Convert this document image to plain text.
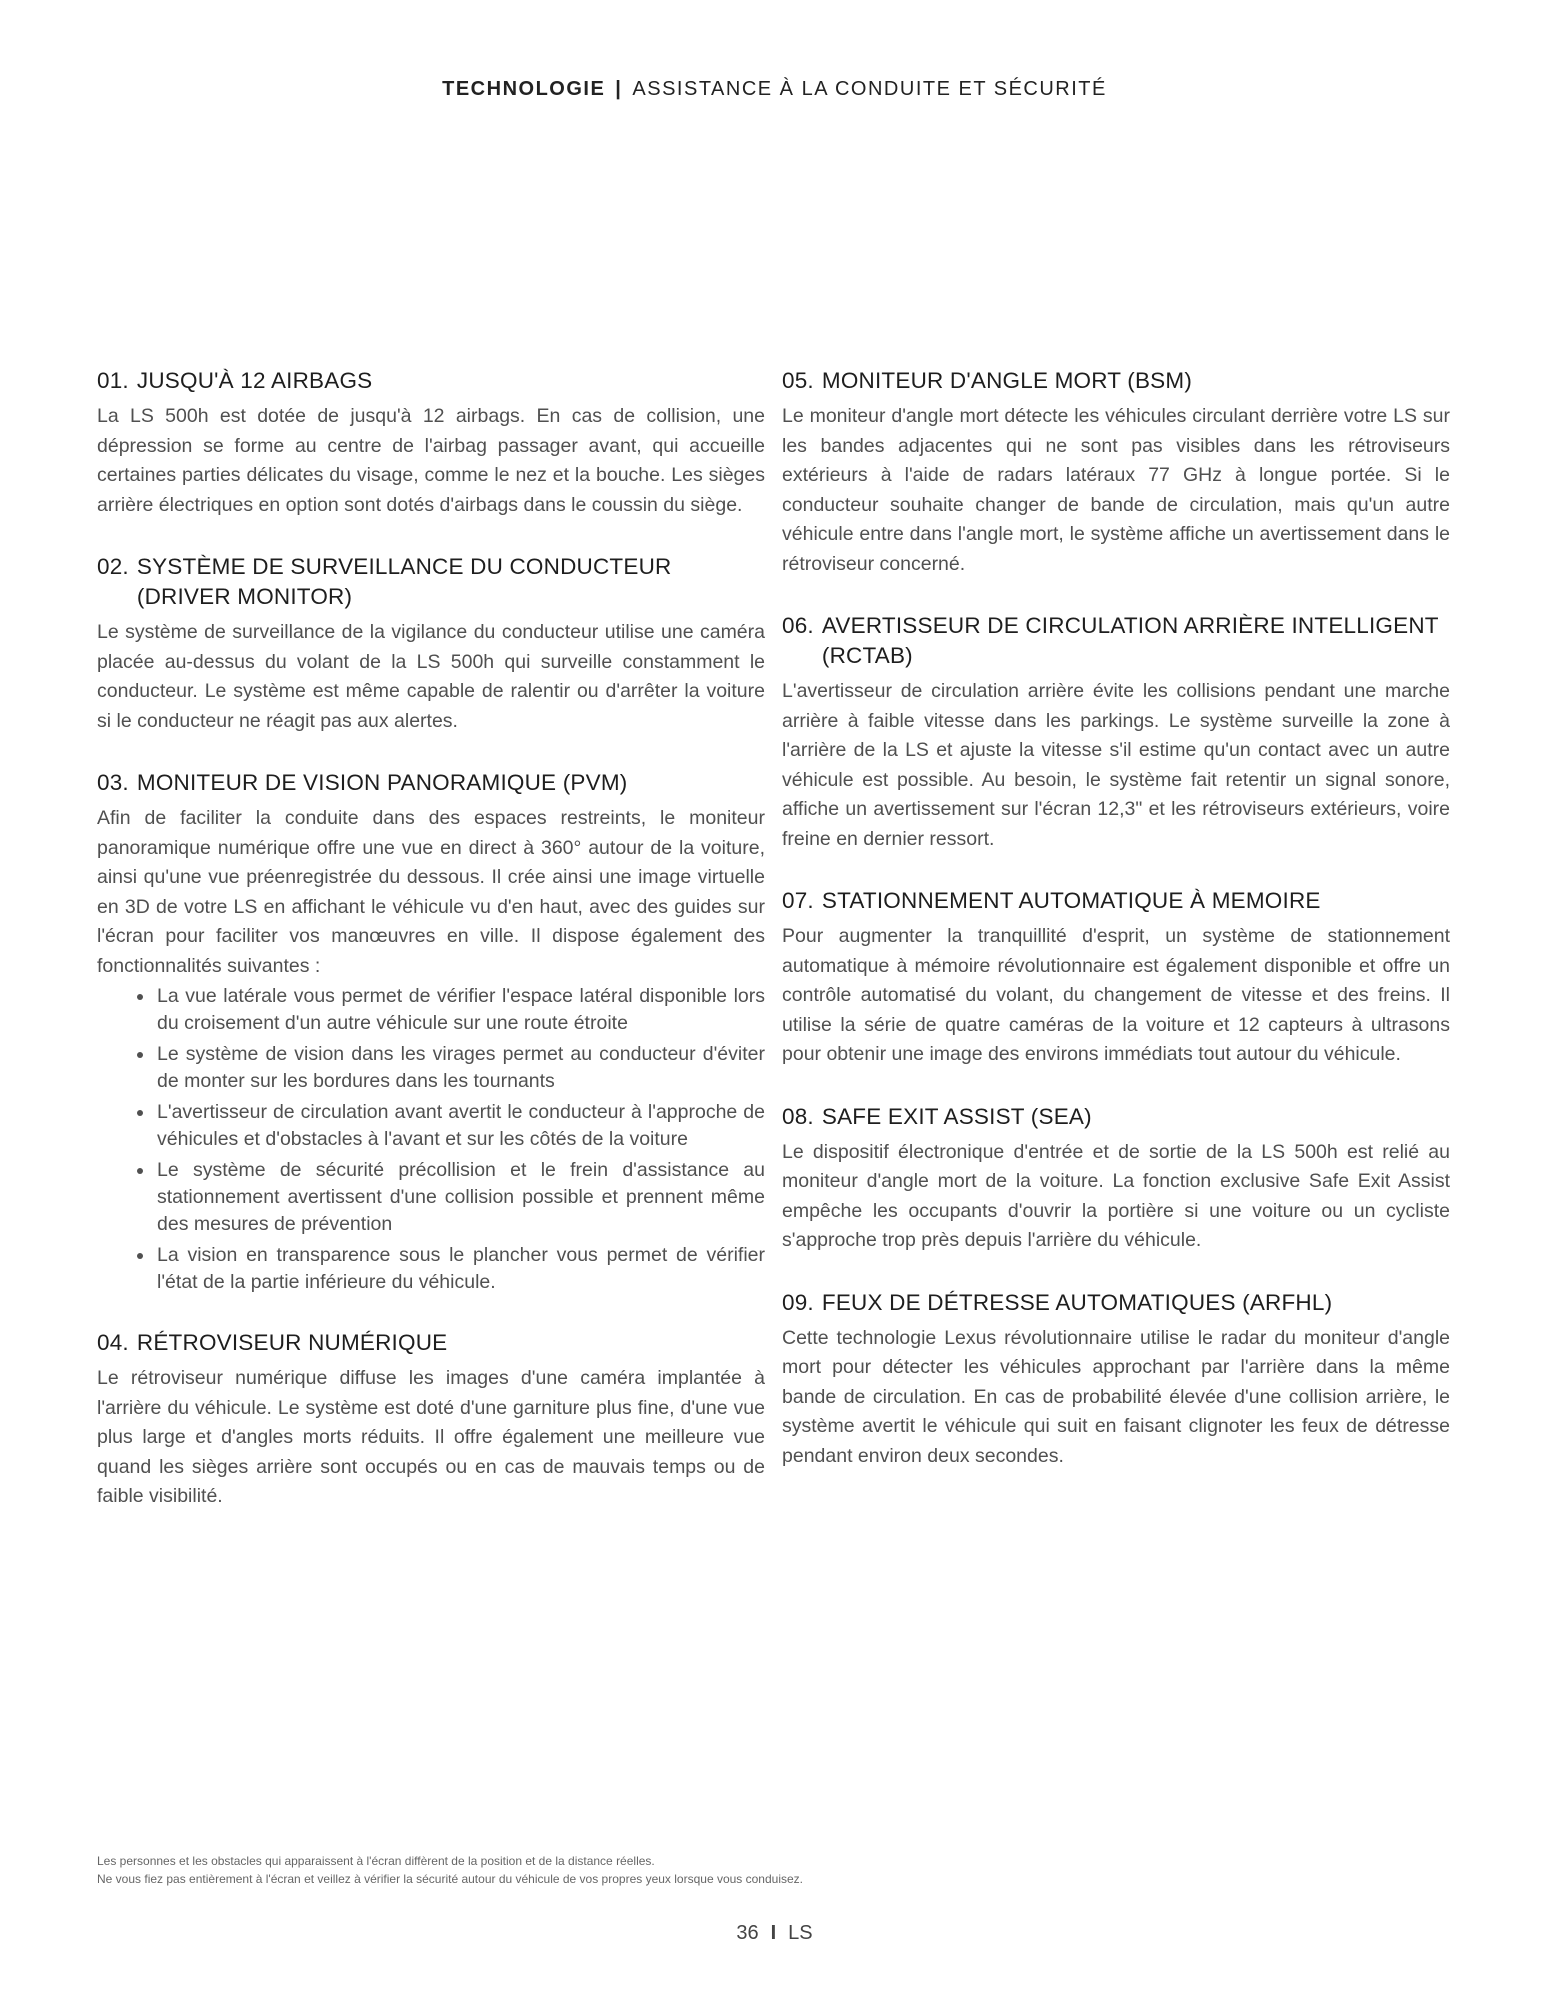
TECHNOLOGIE | ASSISTANCE À LA CONDUITE ET SÉCURITÉ
01. JUSQU'À 12 AIRBAGS

La LS 500h est dotée de jusqu'à 12 airbags. En cas de collision, une dépression se forme au centre de l'airbag passager avant, qui accueille certaines parties délicates du visage, comme le nez et la bouche. Les sièges arrière électriques en option sont dotés d'airbags dans le coussin du siège.

02. SYSTÈME DE SURVEILLANCE DU CONDUCTEUR (DRIVER MONITOR)

Le système de surveillance de la vigilance du conducteur utilise une caméra placée au-dessus du volant de la LS 500h qui surveille constamment le conducteur. Le système est même capable de ralentir ou d'arrêter la voiture si le conducteur ne réagit pas aux alertes.

03. MONITEUR DE VISION PANORAMIQUE (PVM)

Afin de faciliter la conduite dans des espaces restreints, le moniteur panoramique numérique offre une vue en direct à 360° autour de la voiture, ainsi qu'une vue préenregistrée du dessous. Il crée ainsi une image virtuelle en 3D de votre LS en affichant le véhicule vu d'en haut, avec des guides sur l'écran pour faciliter vos manœuvres en ville. Il dispose également des fonctionnalités suivantes :

La vue latérale vous permet de vérifier l'espace latéral disponible lors du croisement d'un autre véhicule sur une route étroite
Le système de vision dans les virages permet au conducteur d'éviter de monter sur les bordures dans les tournants
L'avertisseur de circulation avant avertit le conducteur à l'approche de véhicules et d'obstacles à l'avant et sur les côtés de la voiture
Le système de sécurité précollision et le frein d'assistance au stationnement avertissent d'une collision possible et prennent même des mesures de prévention
La vision en transparence sous le plancher vous permet de vérifier l'état de la partie inférieure du véhicule.
04. RÉTROVISEUR NUMÉRIQUE

Le rétroviseur numérique diffuse les images d'une caméra implantée à l'arrière du véhicule. Le système est doté d'une garniture plus fine, d'une vue plus large et d'angles morts réduits. Il offre également une meilleure vue quand les sièges arrière sont occupés ou en cas de mauvais temps ou de faible visibilité.

05. MONITEUR D'ANGLE MORT (BSM)

Le moniteur d'angle mort détecte les véhicules circulant derrière votre LS sur les bandes adjacentes qui ne sont pas visibles dans les rétroviseurs extérieurs à l'aide de radars latéraux 77 GHz à longue portée. Si le conducteur souhaite changer de bande de circulation, mais qu'un autre véhicule entre dans l'angle mort, le système affiche un avertissement dans le rétroviseur concerné.

06. AVERTISSEUR DE CIRCULATION ARRIÈRE INTELLIGENT (RCTAB)

L'avertisseur de circulation arrière évite les collisions pendant une marche arrière à faible vitesse dans les parkings. Le système surveille la zone à l'arrière de la LS et ajuste la vitesse s'il estime qu'un contact avec un autre véhicule est possible. Au besoin, le système fait retentir un signal sonore, affiche un avertissement sur l'écran 12,3" et les rétroviseurs extérieurs, voire freine en dernier ressort.

07. STATIONNEMENT AUTOMATIQUE À MEMOIRE

Pour augmenter la tranquillité d'esprit, un système de stationnement automatique à mémoire révolutionnaire est également disponible et offre un contrôle automatisé du volant, du changement de vitesse et des freins. Il utilise la série de quatre caméras de la voiture et 12 capteurs à ultrasons pour obtenir une image des environs immédiats tout autour du véhicule.

08. SAFE EXIT ASSIST (SEA)

Le dispositif électronique d'entrée et de sortie de la LS 500h est relié au moniteur d'angle mort de la voiture. La fonction exclusive Safe Exit Assist empêche les occupants d'ouvrir la portière si une voiture ou un cycliste s'approche trop près depuis l'arrière du véhicule.

09. FEUX DE DÉTRESSE AUTOMATIQUES (ARFHL)

Cette technologie Lexus révolutionnaire utilise le radar du moniteur d'angle mort pour détecter les véhicules approchant par l'arrière dans la même bande de circulation. En cas de probabilité élevée d'une collision arrière, le système avertit le véhicule qui suit en faisant clignoter les feux de détresse pendant environ deux secondes.

Les personnes et les obstacles qui apparaissent à l'écran diffèrent de la position et de la distance réelles.
Ne vous fiez pas entièrement à l'écran et veillez à vérifier la sécurité autour du véhicule de vos propres yeux lorsque vous conduisez.
36 I LS
